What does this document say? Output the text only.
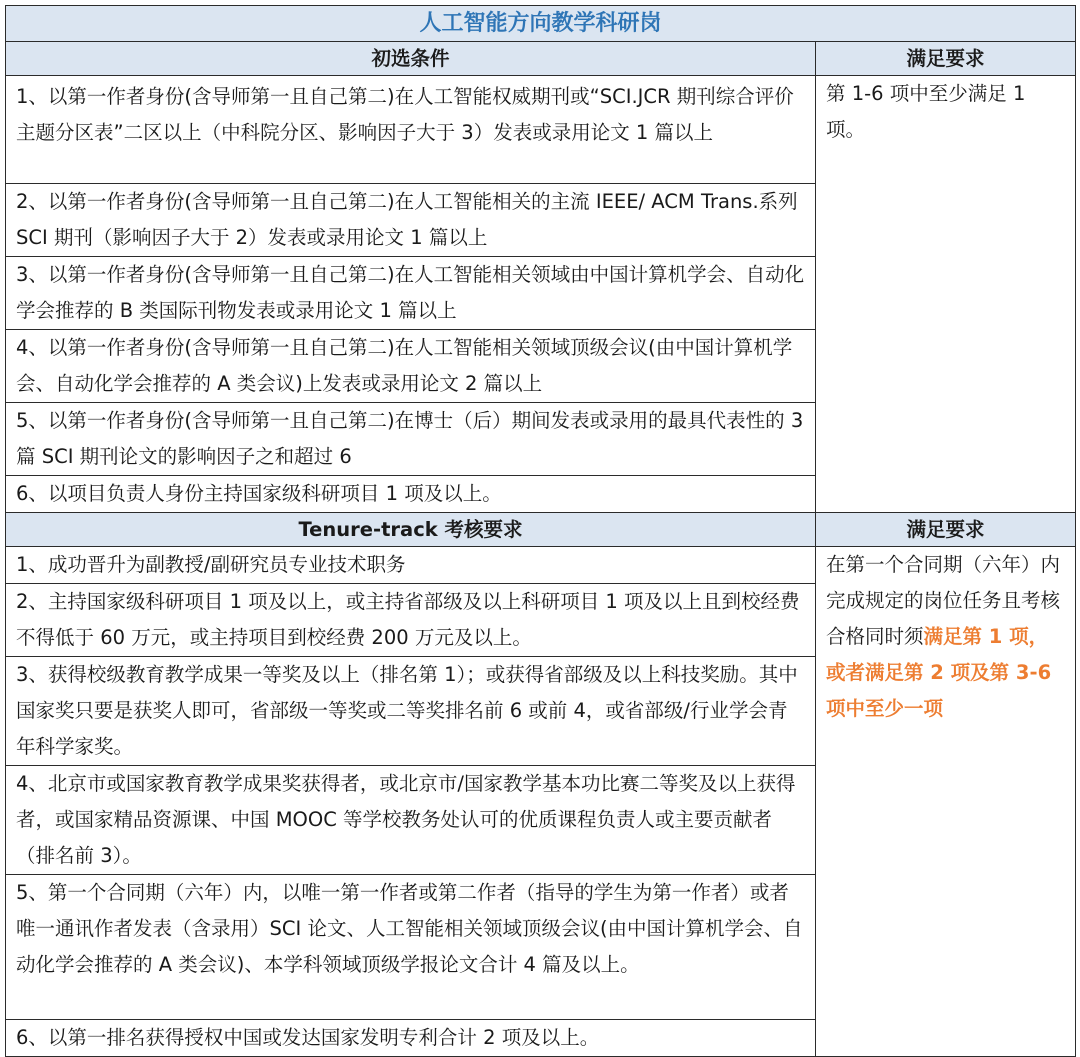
人工智能方向教学科研岗	
初选条件	满足要求
1、以第一作者身份(含导师第一且自己第二)在人工智能权威期刊或“SCI.JCR 期刊综合评价主题分区表”二区以上（中科院分区、影响因子大于 3）发表或录用论文 1 篇以上	第 1-6 项中至少满足 1 项。
2、以第一作者身份(含导师第一且自己第二)在人工智能相关的主流 IEEE/ ACM Trans.系列 SCI 期刊（影响因子大于 2）发表或录用论文 1 篇以上	
3、以第一作者身份(含导师第一且自己第二)在人工智能相关领域由中国计算机学会、自动化学会推荐的 B 类国际刊物发表或录用论文 1 篇以上	
4、以第一作者身份(含导师第一且自己第二)在人工智能相关领域顶级会议(由中国计算机学会、自动化学会推荐的 A 类会议)上发表或录用论文 2 篇以上	
5、以第一作者身份(含导师第一且自己第二)在博士（后）期间发表或录用的最具代表性的 3 篇 SCI 期刊论文的影响因子之和超过 6	
6、以项目负责人身份主持国家级科研项目 1 项及以上。	
Tenure-track 考核要求	满足要求
1、成功晋升为副教授/副研究员专业技术职务	在第一个合同期（六年）内完成规定的岗位任务且考核合格同时须满足第 1 项，或者满足第 2 项及第 3-6 项中至少一项
2、主持国家级科研项目 1 项及以上，或主持省部级及以上科研项目 1 项及以上且到校经费不得低于 60 万元，或主持项目到校经费 200 万元及以上。	
3、获得校级教育教学成果一等奖及以上（排名第 1）；或获得省部级及以上科技奖励。其中国家奖只要是获奖人即可，省部级一等奖或二等奖排名前 6 或前 4，或省部级/行业学会青年科学家奖。	
4、北京市或国家教育教学成果奖获得者，或北京市/国家教学基本功比赛二等奖及以上获得者，或国家精品资源课、中国 MOOC 等学校教务处认可的优质课程负责人或主要贡献者（排名前 3）。	
5、第一个合同期（六年）内，以唯一第一作者或第二作者（指导的学生为第一作者）或者唯一通讯作者发表（含录用）SCI 论文、人工智能相关领域顶级会议(由中国计算机学会、自动化学会推荐的 A 类会议)、本学科领域顶级学报论文合计 4 篇及以上。	
6、以第一排名获得授权中国或发达国家发明专利合计 2 项及以上。	
